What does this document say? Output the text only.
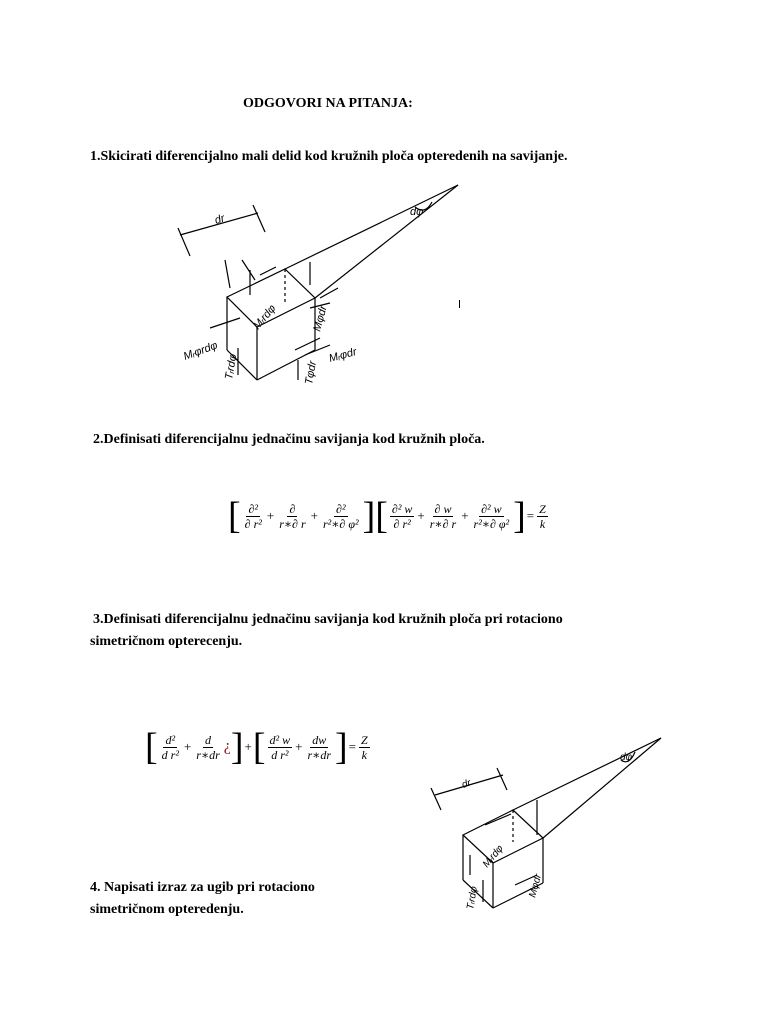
ODGOVORI NA PITANJA:
1.Skicirati diferencijalno mali delid kod kružnih ploča opteredenih na savijanje.
dr
dφ
Mᵣrdφ	Mφdr
Mᵣφrdφ	Mᵣφdr
Tᵣrdφ	Tφdr
2.Definisati diferencijalnu jednačinu savijanja kod kružnih ploča.
[ $\frac{\text{∂²}}{\text{∂ r²}} + \frac{\partial}{r∗\partial r} + \frac{\text{∂²}}{\text{r²∗∂ φ²}}$ ][ $\frac{\text{∂² w}}{\text{∂ r²}} + \frac{\partial w}{r∗\partial r} + \frac{\text{∂² w}}{\text{r²∗∂ φ²}}$ ]= $\frac{Z}{k}$
3.Definisati diferencijalnu jednačinu savijanja kod kružnih ploča pri rotaciono
simetričnom opterecenju.
[ $\frac{\text{d²}}{\text{d r²}} + \frac{d}{r∗dr}$ ¿]+[ $\frac{\text{d² w}}{\text{d r²}} + \frac{dw}{r∗dr}$ ]= $\frac{Z}{k}$
dr
dφ
Mᵣrdφ
Mφdr
Tᵣrdφ
4. Napisati izraz za ugib pri rotaciono
simetričnom opteredenju.
